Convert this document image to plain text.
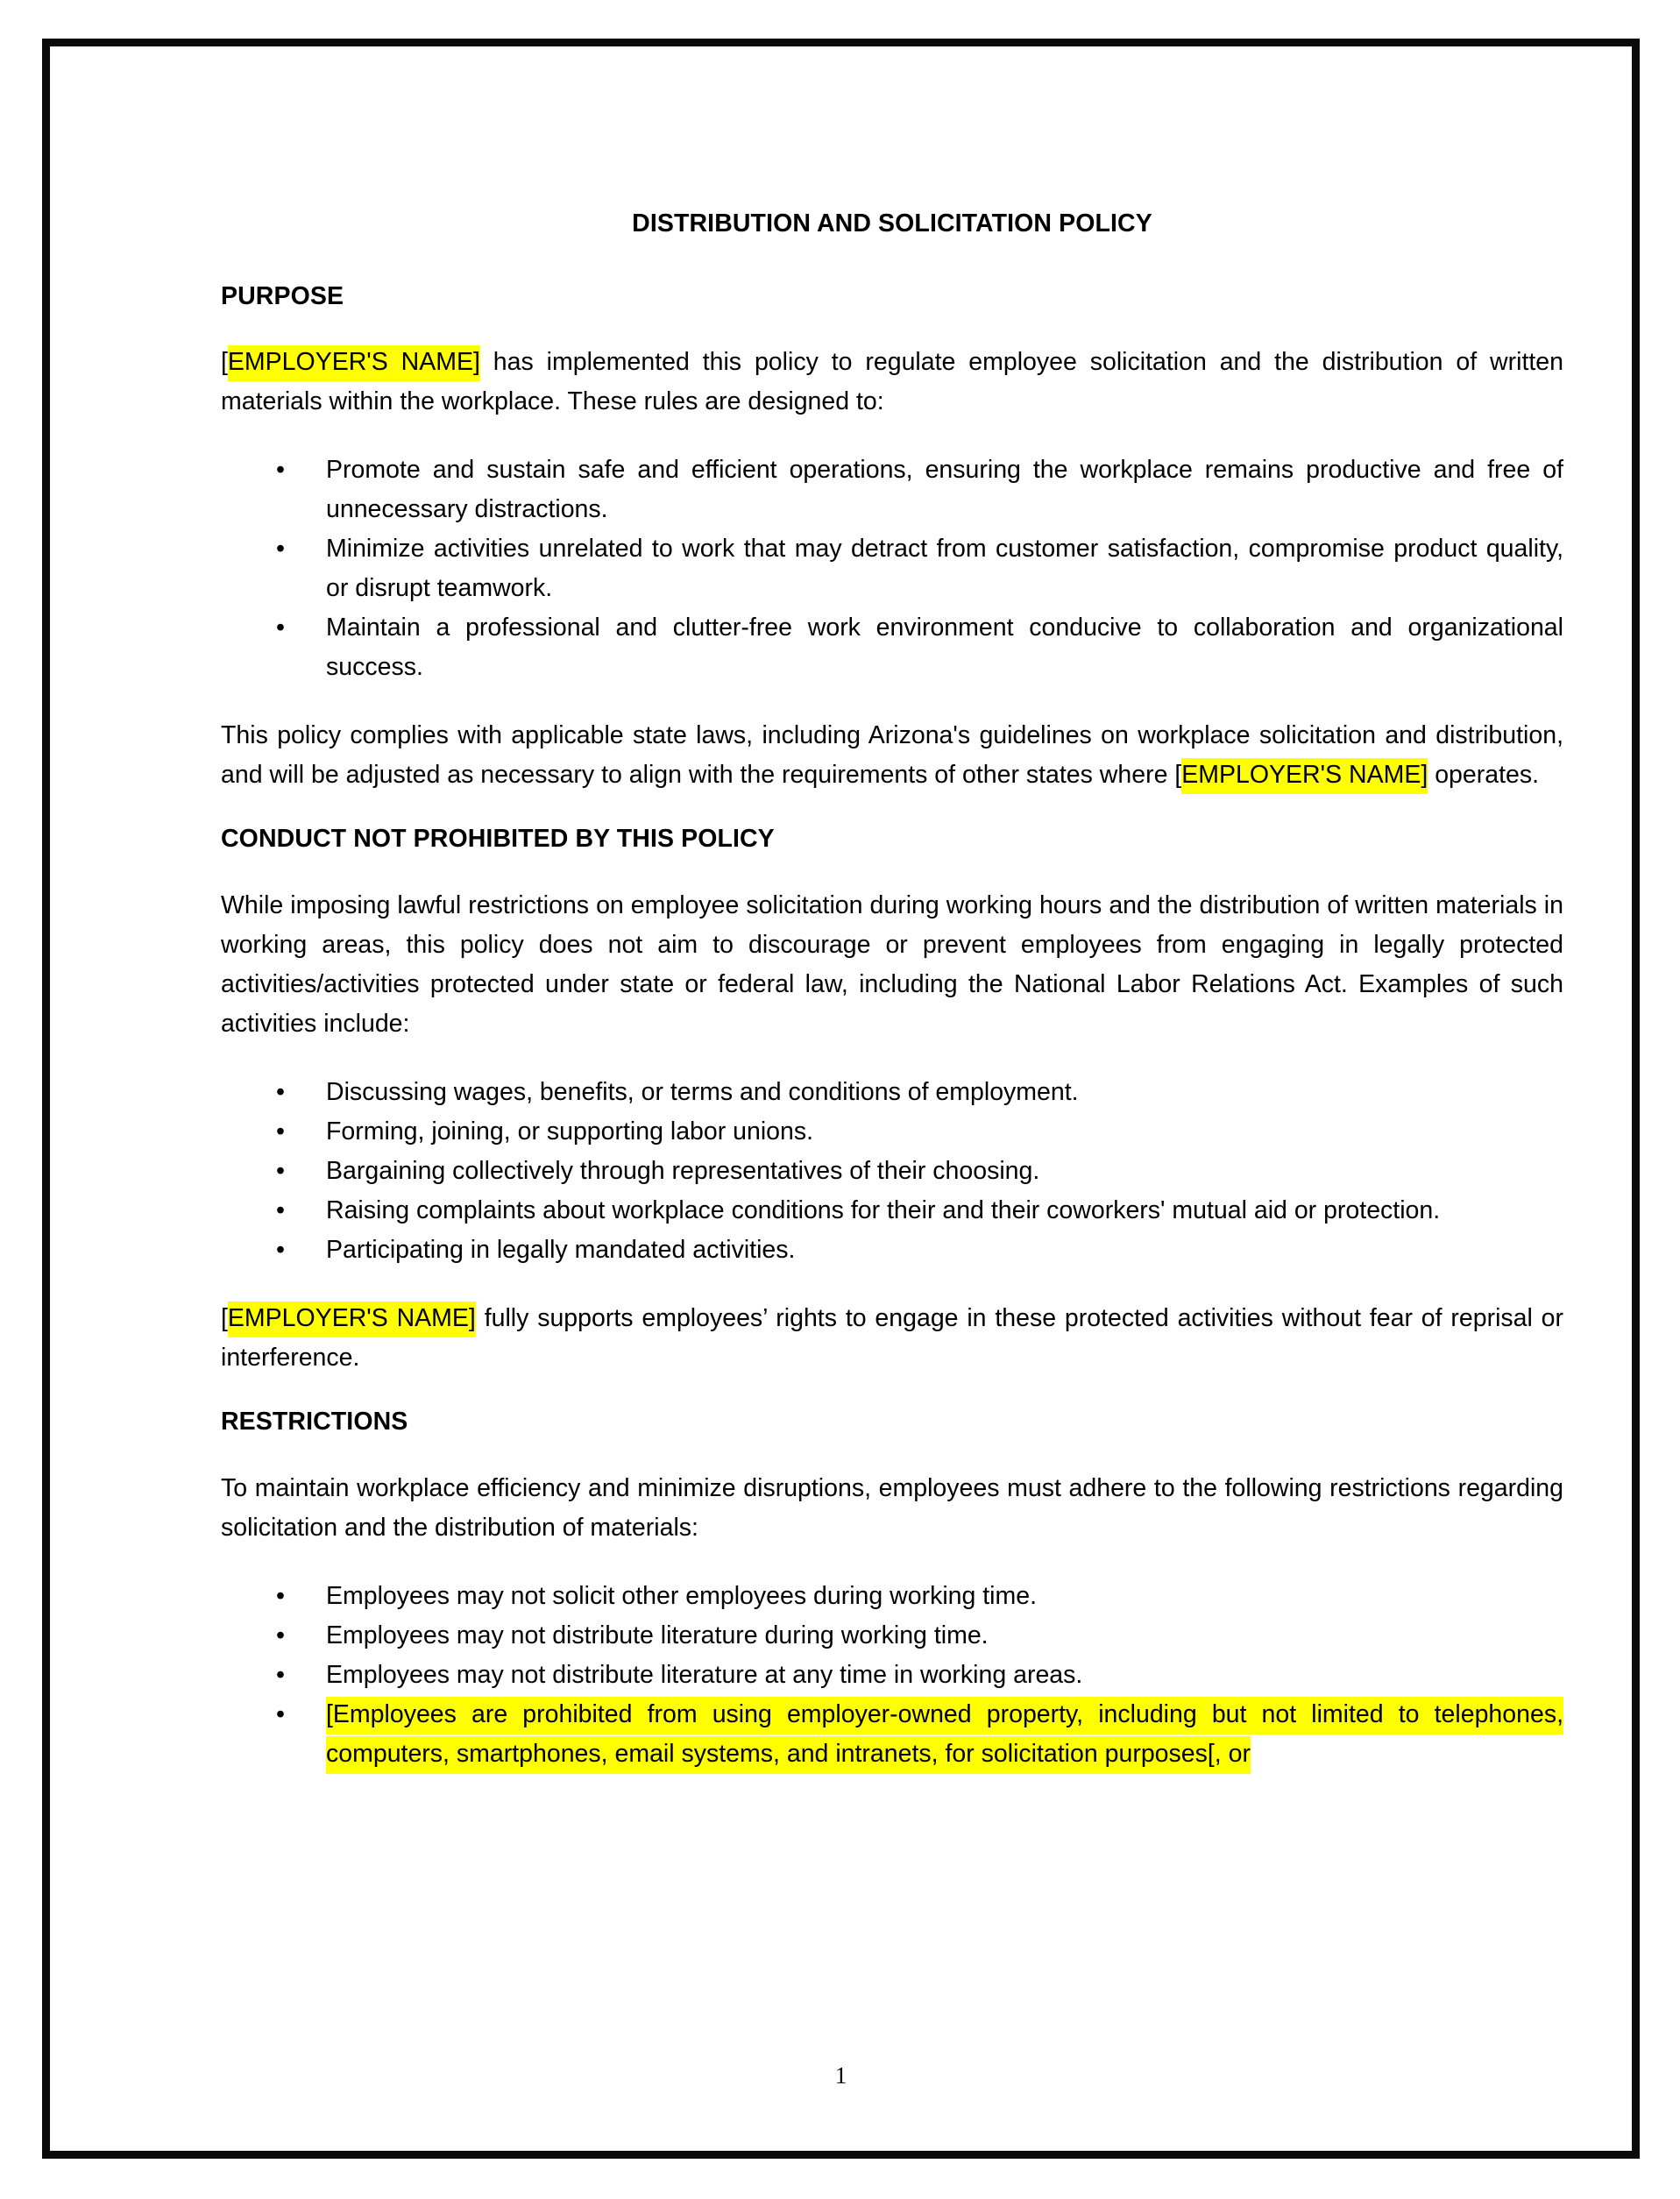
DISTRIBUTION AND SOLICITATION POLICY
PURPOSE

[EMPLOYER'S NAME] has implemented this policy to regulate employee solicitation and the distribution of written materials within the workplace. These rules are designed to:

• Promote and sustain safe and efficient operations, ensuring the workplace remains productive and free of unnecessary distractions.
• Minimize activities unrelated to work that may detract from customer satisfaction, compromise product quality, or disrupt teamwork.
• Maintain a professional and clutter-free work environment conducive to collaboration and organizational success.

This policy complies with applicable state laws, including Arizona's guidelines on workplace solicitation and distribution, and will be adjusted as necessary to align with the requirements of other states where [EMPLOYER'S NAME] operates.

CONDUCT NOT PROHIBITED BY THIS POLICY

While imposing lawful restrictions on employee solicitation during working hours and the distribution of written materials in working areas, this policy does not aim to discourage or prevent employees from engaging in legally protected activities/activities protected under state or federal law, including the National Labor Relations Act. Examples of such activities include:

• Discussing wages, benefits, or terms and conditions of employment.
• Forming, joining, or supporting labor unions.
• Bargaining collectively through representatives of their choosing.
• Raising complaints about workplace conditions for their and their coworkers' mutual aid or protection.
• Participating in legally mandated activities.

[EMPLOYER'S NAME] fully supports employees’ rights to engage in these protected activities without fear of reprisal or interference.

RESTRICTIONS

To maintain workplace efficiency and minimize disruptions, employees must adhere to the following restrictions regarding solicitation and the distribution of materials:

• Employees may not solicit other employees during working time.
• Employees may not distribute literature during working time.
• Employees may not distribute literature at any time in working areas.
• [Employees are prohibited from using employer-owned property, including but not limited to telephones, computers, smartphones, email systems, and intranets, for solicitation purposes[, or
1
